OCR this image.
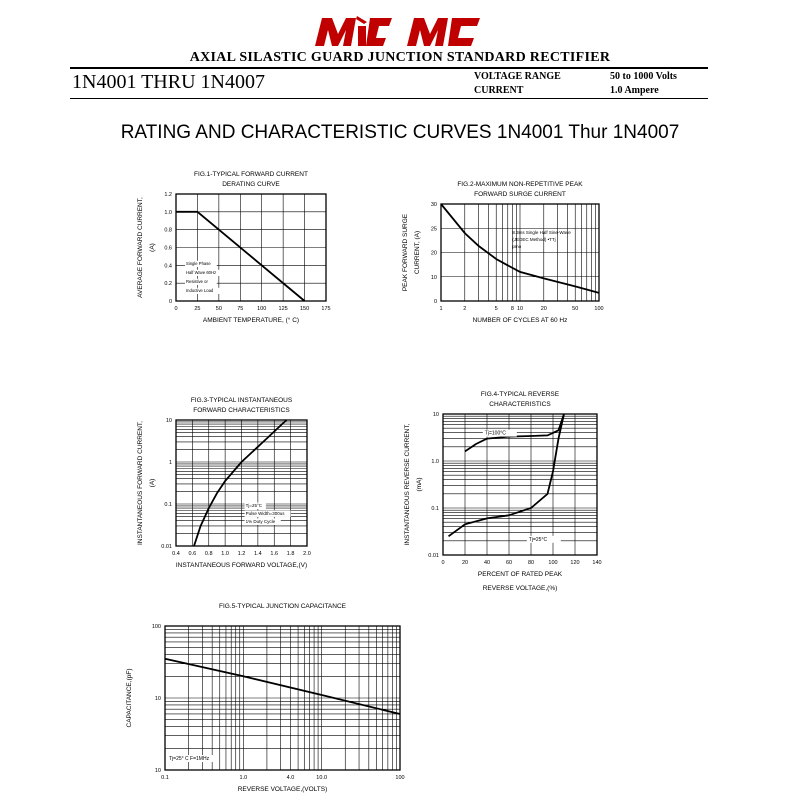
AXIAL SILASTIC GUARD JUNCTION STANDARD RECTIFIER
1N4001 THRU 1N4007	VOLTAGE RANGE	50 to 1000 Volts
CURRENT	1.0 Ampere
RATING AND CHARACTERISTIC CURVES 1N4001 Thur 1N4007
FIG.1-TYPICAL FORWARD CURRENT
DERATING CURVE
0	25	50	75	100 125 150 175
0
0.2
0.4
0.6
0.8
1.0
1.2
AMBIENT TEMPERATURE, (° C)
AVERAGE FORWARD CURRENT, (A)
Single Phase
Half Wave 60Hz
Resistive or
Inductive Load
FIG.2-MAXIMUM NON-REPETITIVE PEAK
FORWARD SURGE CURRENT
1	2	5 8 10	20	50	100
0
10
20
25
30
NUMBER OF CYCLES AT 60 Hz
PEAK FORWARD SURGE CURRENT, (A)	8.3ms Single Half Sine-Wave
(JEDEC Method) •TTj
pmo
FIG.3-TYPICAL INSTANTANEOUS
FORWARD CHARACTERISTICS
0.4 0.6 0.8 1.0 1.2 1.4 1.6 1.8 2.0
0.01
0.1
1
10
INSTANTANEOUS FORWARD VOLTAGE,(V)
INSTANTANEOUS FORWARD CURRENT, (A)
Tj=25°C
Pulse Width=300us
1% Duty Cycle
FIG.4-TYPICAL REVERSE
CHARACTERISTICS
0	20	40	60	80	100 120 140
0.01
0.1
1.0
10
PERCENT OF RATED PEAK
REVERSE VOLTAGE,(%)
INSTANTANEOUS REVERSE CURRENT, (mA)
Tj=100°C
Tj=25°C
FIG.5-TYPICAL JUNCTION CAPACITANCE
0.1	1.0	4.0	10.0	100
10
10
100
REVERSE VOLTAGE,(VOLTS)
CAPACITANCE,(pF)
Tj=25° C F=1MHz
